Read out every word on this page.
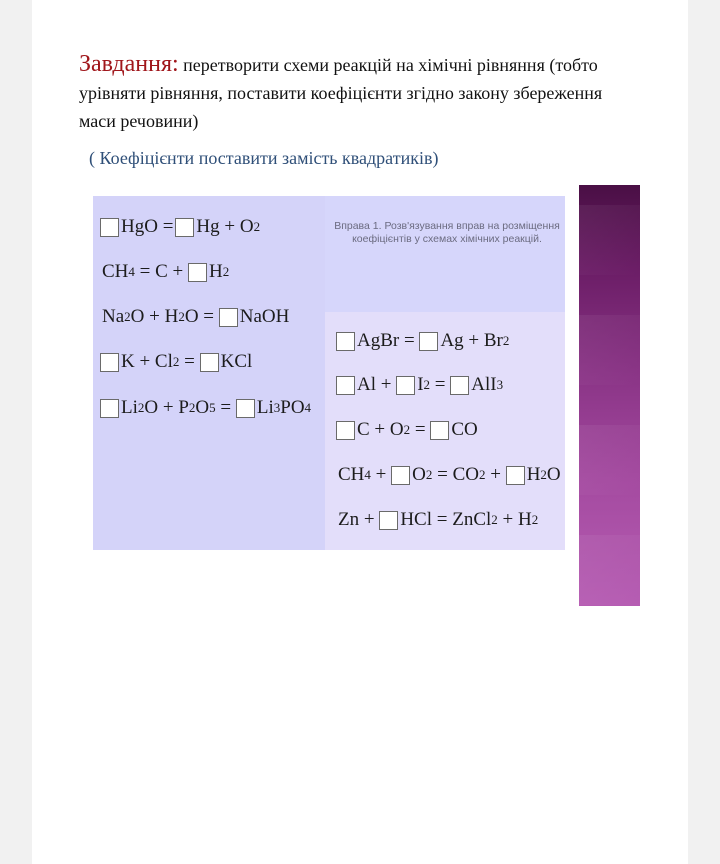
Завдання: перетворити схеми реакцій на хімічні рівняння (тобто урівняти рівняння, поставити коефіцієнти згідно закону збереження маси речовини)
( Коефіцієнти поставити замість квадратиків)
Вправа 1. Розв'язування вправ на розміщення коефіцієнтів у схемах хімічних реакцій.
HgO = Hg + O 2
CH 4 = C + H 2
Na 2 O + H 2 O = NaOH
K + Cl 2 = KCl
Li 2 O + P 2 O 5 = Li 3 PO 4
AgBr = Ag + Br 2
Al + I 2 = AlI 3
C + O 2 = CO
CH 4 + O 2 = CO 2 + H 2 O
Zn + HCl = ZnCl 2 + H 2
